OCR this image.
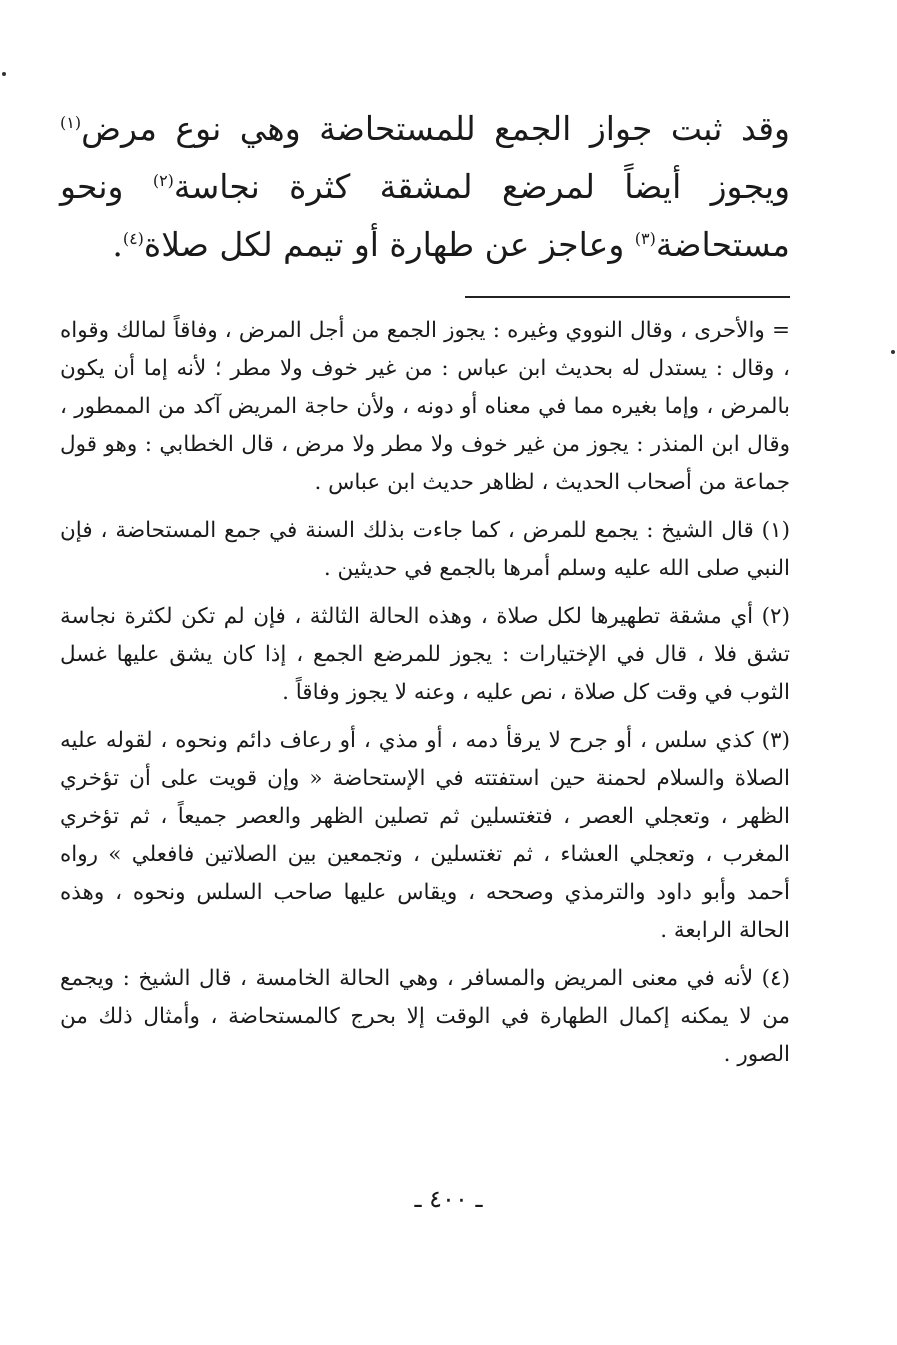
وقد ثبت جواز الجمع للمستحاضة وهي نوع مرض$^{(١)}$ ويجوز أيضاً لمرضع لمشقة كثرة نجاسة$^{(٢)}$ ونحو مستحاضة$^{(٣)}$ وعاجز عن طهارة أو تيمم لكل صلاة$^{(٤)}$.

= والأحرى ، وقال النووي وغيره : يجوز الجمع من أجل المرض ، وفاقاً لمالك وقواه ، وقال : يستدل له بحديث ابن عباس : من غير خوف ولا مطر ؛ لأنه إما أن يكون بالمرض ، وإما بغيره مما في معناه أو دونه ، ولأن حاجة المريض آكد من الممطور ، وقال ابن المنذر : يجوز من غير خوف ولا مطر ولا مرض ، قال الخطابي : وهو قول جماعة من أصحاب الحديث ، لظاهر حديث ابن عباس .

(١) قال الشيخ : يجمع للمرض ، كما جاءت بذلك السنة في جمع المستحاضة ، فإن النبي صلى الله عليه وسلم أمرها بالجمع في حديثين .

(٢) أي مشقة تطهيرها لكل صلاة ، وهذه الحالة الثالثة ، فإن لم تكن لكثرة نجاسة تشق فلا ، قال في الإختيارات : يجوز للمرضع الجمع ، إذا كان يشق عليها غسل الثوب في وقت كل صلاة ، نص عليه ، وعنه لا يجوز وفاقاً .

(٣) كذي سلس ، أو جرح لا يرقأ دمه ، أو مذي ، أو رعاف دائم ونحوه ، لقوله عليه الصلاة والسلام لحمنة حين استفتته في الإستحاضة « وإن قويت على أن تؤخري الظهر ، وتعجلي العصر ، فتغتسلين ثم تصلين الظهر والعصر جميعاً ، ثم تؤخري المغرب ، وتعجلي العشاء ، ثم تغتسلين ، وتجمعين بين الصلاتين فافعلي » رواه أحمد وأبو داود والترمذي وصححه ، ويقاس عليها صاحب السلس ونحوه ، وهذه الحالة الرابعة .

(٤) لأنه في معنى المريض والمسافر ، وهي الحالة الخامسة ، قال الشيخ : ويجمع من لا يمكنه إكمال الطهارة في الوقت إلا بحرج كالمستحاضة ، وأمثال ذلك من الصور .

ـ ٤٠٠ ـ
